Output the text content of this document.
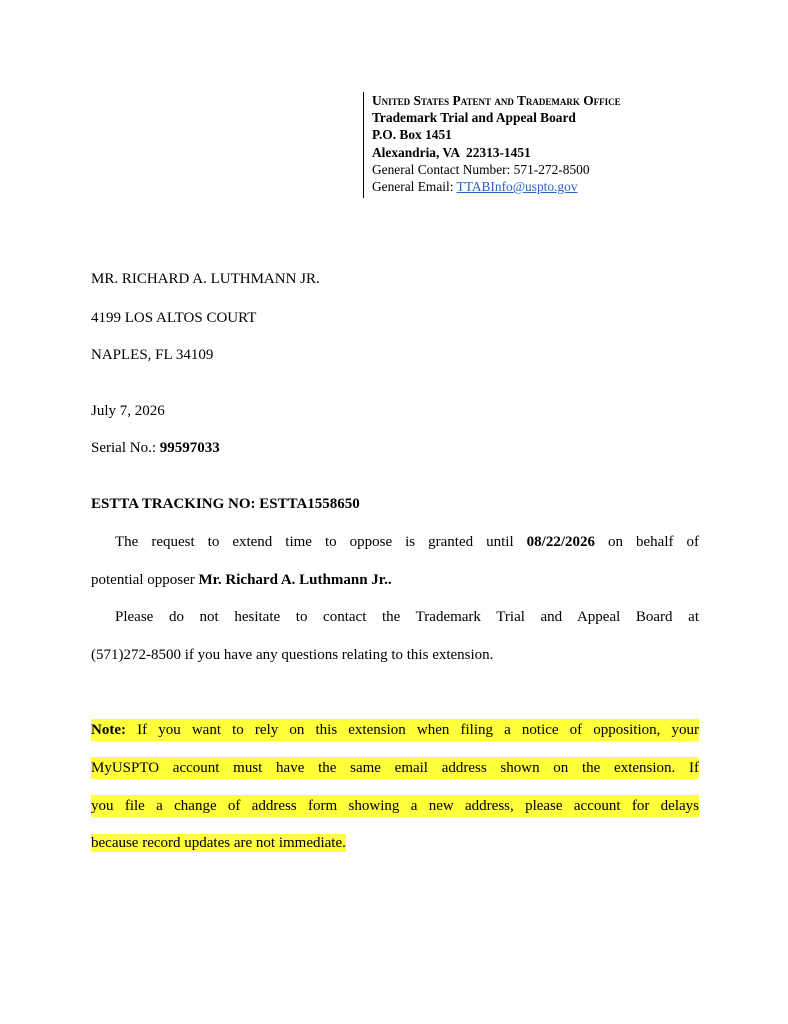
United States Patent and Trademark Office
Trademark Trial and Appeal Board
P.O. Box 1451
Alexandria, VA  22313-1451
General Contact Number: 571-272-8500
General Email: TTABInfo@uspto.gov
MR. RICHARD A. LUTHMANN JR.
4199 LOS ALTOS COURT
NAPLES, FL 34109
July 7, 2026
Serial No.: 99597033
ESTTA TRACKING NO: ESTTA1558650
The request to extend time to oppose is granted until 08/22/2026 on behalf of
potential opposer Mr. Richard A. Luthmann Jr..
Please do not hesitate to contact the Trademark Trial and Appeal Board at
(571)272-8500 if you have any questions relating to this extension.
Note: If you want to rely on this extension when filing a notice of opposition, your
MyUSPTO account must have the same email address shown on the extension. If
you file a change of address form showing a new address, please account for delays
because record updates are not immediate.
